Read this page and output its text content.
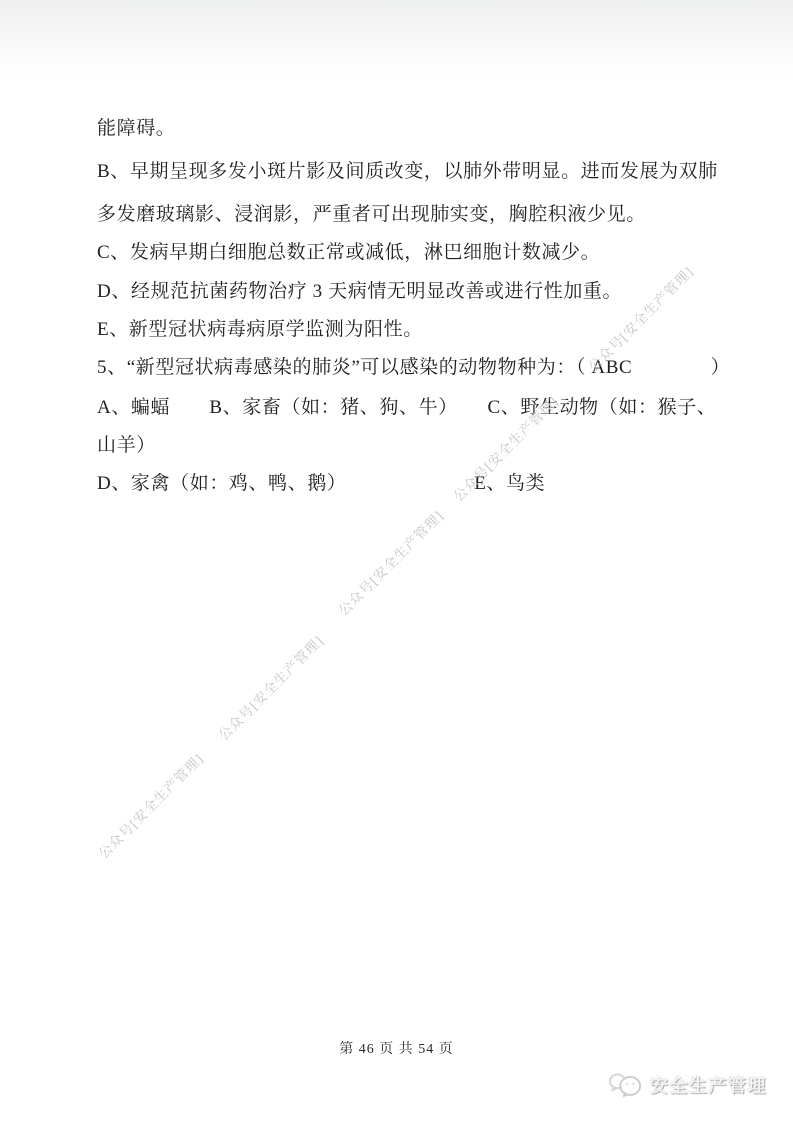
能障碍。
B、早期呈现多发小斑片影及间质改变，以肺外带明显。进而发展为双肺
多发磨玻璃影、浸润影，严重者可出现肺实变，胸腔积液少见。
C、发病早期白细胞总数正常或减低，淋巴细胞计数减少。
D、经规范抗菌药物治疗 3 天病情无明显改善或进行性加重。
E、新型冠状病毒病原学监测为阳性。
5、“新型冠状病毒感染的肺炎”可以感染的动物物种为：（ ABC　　　　）
A、蝙蝠　　B、家畜（如：猪、狗、牛）　　C、野生动物（如：猴子、
山羊）
D、家禽（如：鸡、鸭、鹅）　　　　　　　E、鸟类
公众号[安全生产管理]
公众号[安全生产管理]
公众号[安全生产管理]
公众号[安全生产管理]
公众号[安全生产管理]
第 46 页 共 54 页
安全生产管理
